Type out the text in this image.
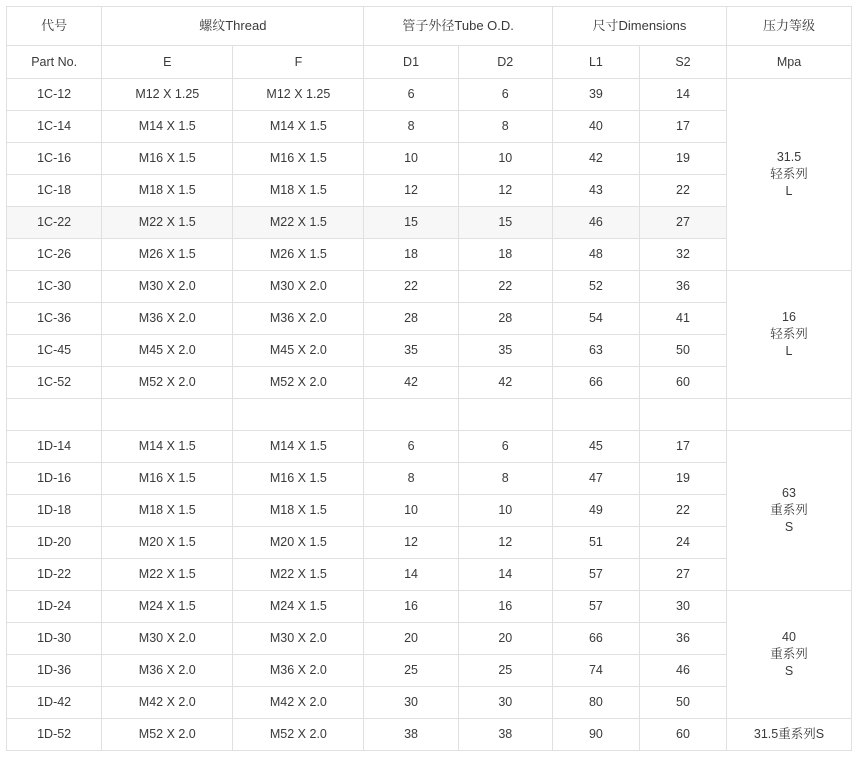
代号	螺纹Thread		管子外径Tube O.D.		尺寸Dimensions		压力等级
Part No.	E	F	D1	D2	L1	S2	Mpa
1C-12	M12 X 1.25	M12 X 1.25	6	6	39	14	31.5
轻系列
L

1C-14	M14 X 1.5	M14 X 1.5	8	8	40	17	
1C-16	M16 X 1.5	M16 X 1.5	10	10	42	19	
1C-18	M18 X 1.5	M18 X 1.5	12	12	43	22	
1C-22	M22 X 1.5	M22 X 1.5	15	15	46	27	
1C-26	M26 X 1.5	M26 X 1.5	18	18	48	32	
1C-30	M30 X 2.0	M30 X 2.0	22	22	52	36	16
轻系列
L

1C-36	M36 X 2.0	M36 X 2.0	28	28	54	41	
1C-45	M45 X 2.0	M45 X 2.0	35	35	63	50	
1C-52	M52 X 2.0	M52 X 2.0	42	42	66	60	

1D-14	M14 X 1.5	M14 X 1.5	6	6	45	17	63
重系列
S

1D-16	M16 X 1.5	M16 X 1.5	8	8	47	19	
1D-18	M18 X 1.5	M18 X 1.5	10	10	49	22	
1D-20	M20 X 1.5	M20 X 1.5	12	12	51	24	
1D-22	M22 X 1.5	M22 X 1.5	14	14	57	27	
1D-24	M24 X 1.5	M24 X 1.5	16	16	57	30	40
重系列
S

1D-30	M30 X 2.0	M30 X 2.0	20	20	66	36	
1D-36	M36 X 2.0	M36 X 2.0	25	25	74	46	
1D-42	M42 X 2.0	M42 X 2.0	30	30	80	50	
1D-52	M52 X 2.0	M52 X 2.0	38	38	90	60	31.5重系列S
